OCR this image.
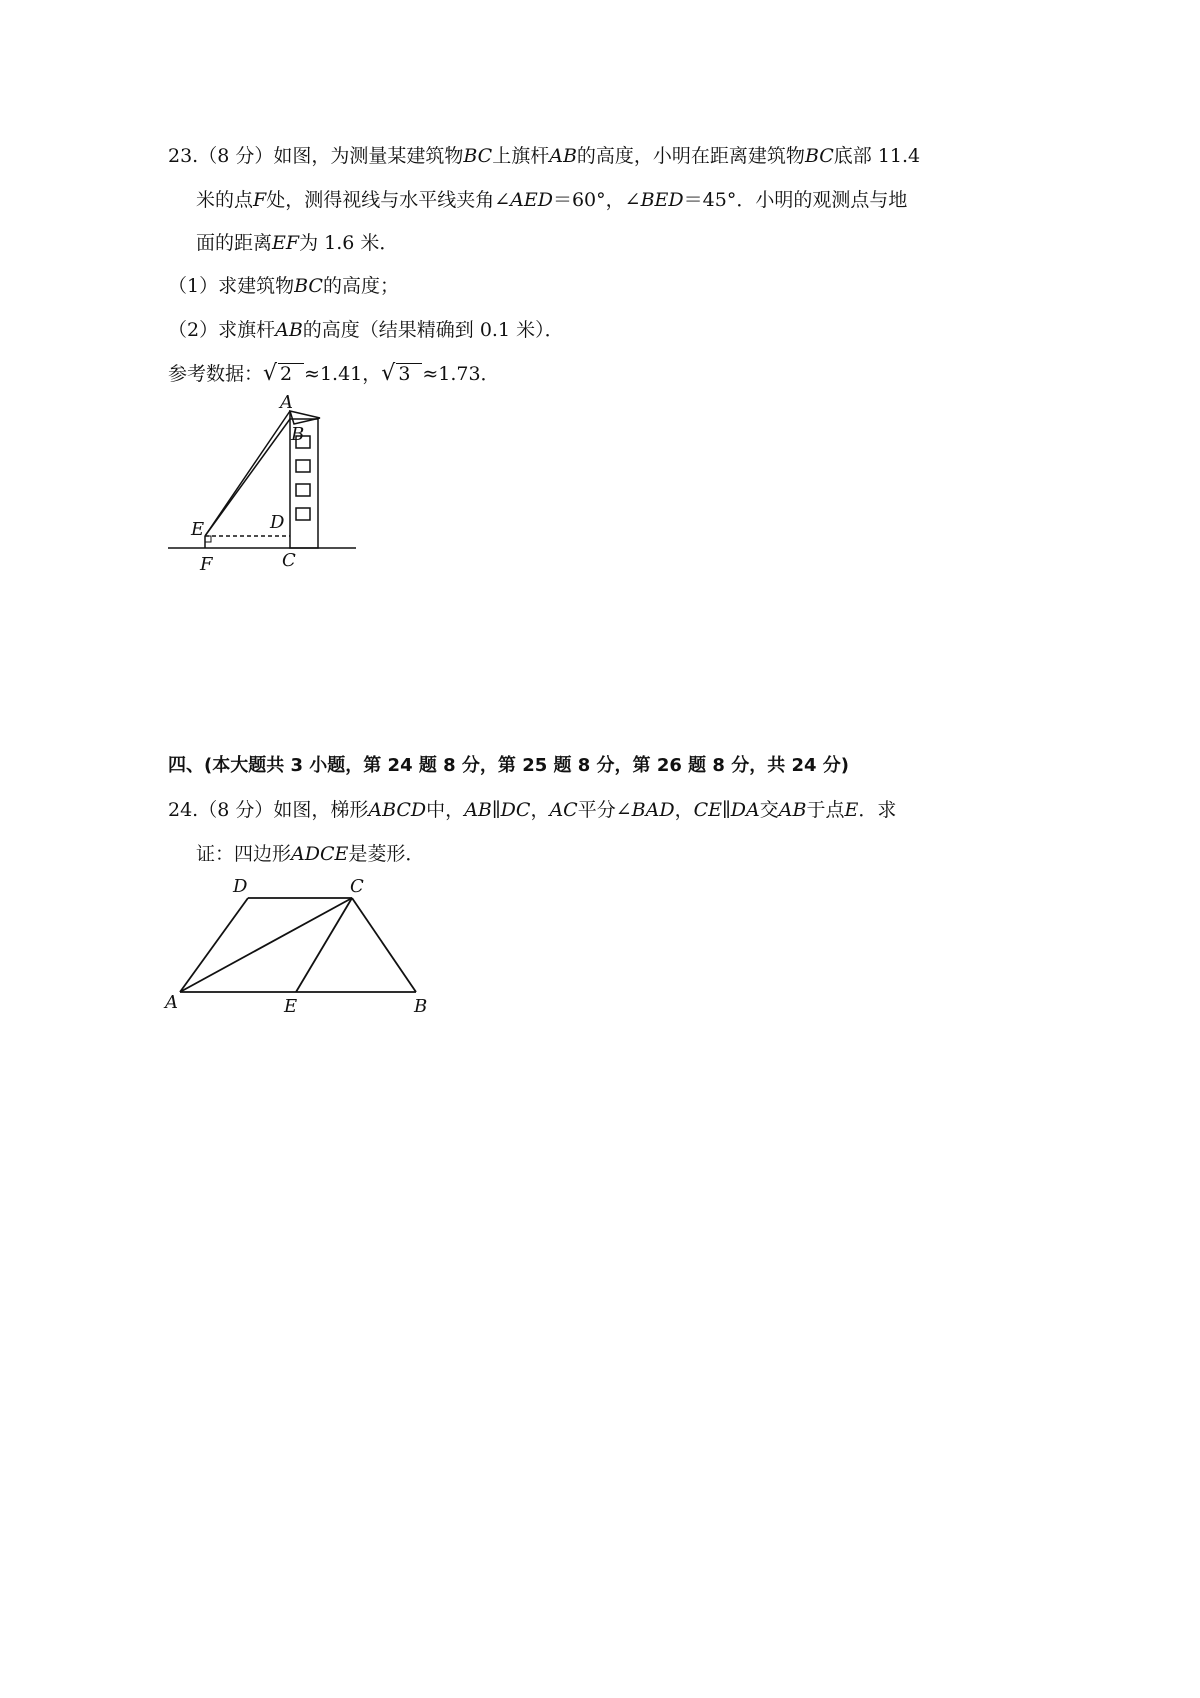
23.（8 分）如图，为测量某建筑物BC上旗杆AB的高度，小明在距离建筑物BC底部 11.4
米的点F处，测得视线与水平线夹角∠AED＝60°，∠BED＝45°．小明的观测点与地
面的距离EF为 1.6 米．
（1）求建筑物BC的高度；
（2）求旗杆AB的高度（结果精确到 0.1 米）．
参考数据：√ 2 ≈1.41，√ 3 ≈1.73．
A
B
E	D
F	C
四、(本大题共 3 小题，第 24 题 8 分，第 25 题 8 分，第 26 题 8 分，共 24 分)
24.（8 分）如图，梯形ABCD中，AB∥DC，AC平分∠BAD，CE∥DA交AB于点E．求
证：四边形ADCE是菱形．
D	C
A	E	B
